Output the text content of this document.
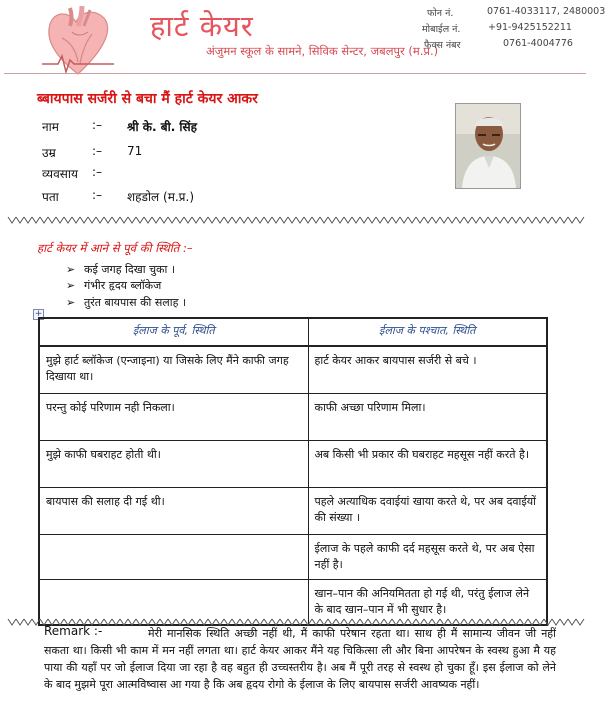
हार्ट केयर
अंजुमन स्कूल के सामने, सिविक सेन्टर, जबलपुर (म.प्र.)
फोन नं.	0761-4033117, 2480003
मोबाईल नं.	+91-9425152211
फैक्स नंबर	0761-4004776
ब्बायपास सर्जरी से बचा मैं हार्ट केयर आकर
नाम	:– श्री के. बी. सिंह
उम्र	:– 71
व्यवसाय :–
पता	:– शहडोल (म.प्र.)
हार्ट केयर में आने से पूर्व की स्थिति :–
➢ कई जगह दिखा चुका ।
➢ गंभीर हृदय ब्लॉकेज
➢ तुरंत बायपास की सलाह ।
+
ईलाज के पूर्व, स्थिति	ईलाज के पश्चात, स्थिति
मुझे हार्ट ब्लॉकेज (एन्जाइना) या जिसके लिए मैंने काफी जगह दिखाया था।	हार्ट केयर आकर बायपास सर्जरी से बचे ।
परन्तु कोई परिणाम नही निकला।	काफी अच्छा परिणाम मिला।
मुझे काफी घबराहट होती थी।	अब किसी भी प्रकार की घबराहट महसूस नहीं करते है।
बायपास की सलाह दी गई थी।	पहले अत्याधिक दवाईयां खाया करते थे, पर अब दवाईयों की संख्या ।
	ईलाज के पहले काफी दर्द महसूस करते थे, पर अब ऐसा नहीं है।
	खान–पान की अनियमितता हो गई थी, परंतु ईलाज लेने के बाद खान–पान में भी सुधार है।
Remark :-	मेरी मानसिक स्थिति अच्छी नहीं थी, मैं काफी परेषान रहता था। साथ ही मैं सामान्य जीवन जी नहीं सकता था। किसी भी काम में मन नहीं लगता था। हार्ट केयर आकर मैंने यह चिकित्सा ली और बिना आपरेषन के स्वस्थ हुआ मै यह पाया की यहाँ पर जो ईलाज दिया जा रहा है वह बहुत ही उच्चस्तरीय है। अब मैं पूरी तरह से स्वस्थ हो चुका हूँ। इस ईलाज को लेने के बाद मुझमे पूरा आत्मविष्वास आ गया है कि अब हृदय रोगो के ईलाज के लिए बायपास सर्जरी आवष्यक नहीं।
